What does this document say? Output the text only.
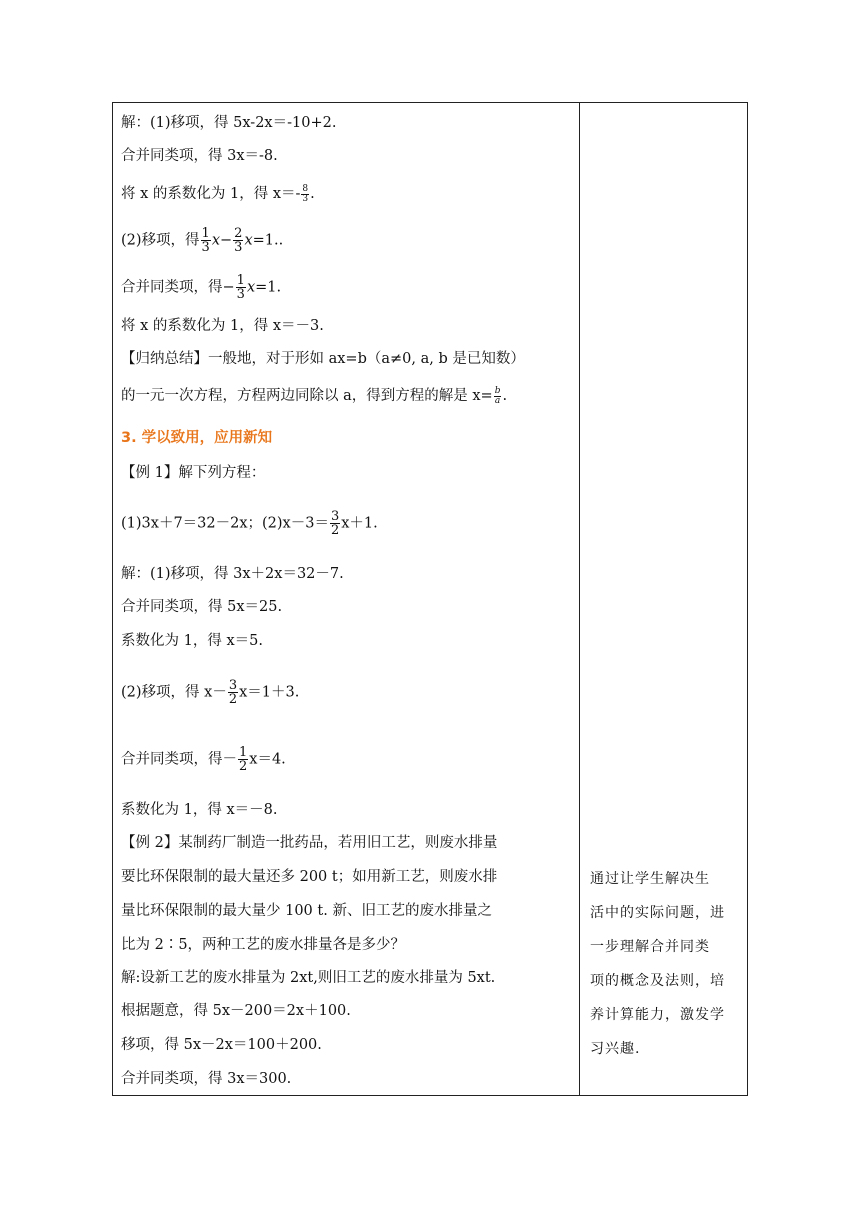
解：(1)移项，得 5x-2x＝-10+2.
合并同类项，得 3x＝-8.
将 x 的系数化为 1，得 $x=- \frac{8}{3}$ .
(2)移项，得 $\frac{1}{3} x- \frac{2}{3} x=1$..
合并同类项，得− $\frac{1}{3} x=1$.
将 x 的系数化为 1，得 x＝－3.
【归纳总结】一般地，对于形如 ax=b（a≠0, a, b 是已知数）
的一元一次方程，方程两边同除以 a，得到方程的解是 $x= \frac{b}{a}$ .
3. 学以致用，应用新知
【例 1】解下列方程：
(1)3x＋7＝32－2x；$(2)x-3= \frac{3}{2} x+1$.
解：(1)移项，得 3x＋2x＝32－7.
合并同类项，得 5x＝25.
系数化为 1，得 x＝5.
(2)移项，得 $x- \frac{3}{2} x=1+3$.
合并同类项，得－ $\frac{1}{2} x=4$.
系数化为 1，得 x＝－8.
【例 2】某制药厂制造一批药品，若用旧工艺，则废水排量
要比环保限制的最大量还多 200 t；如用新工艺，则废水排
量比环保限制的最大量少 100 t. 新、旧工艺的废水排量之
比为 2∶5，两种工艺的废水排量各是多少？
解:设新工艺的废水排量为 2xt,则旧工艺的废水排量为 5xt.
根据题意，得 5x－200＝2x＋100.
移项，得 5x－2x＝100＋200.
合并同类项，得 3x＝300.
通过让学生解决生
活中的实际问题，进
一步理解合并同类
项的概念及法则，培
养计算能力，激发学
习兴趣.
